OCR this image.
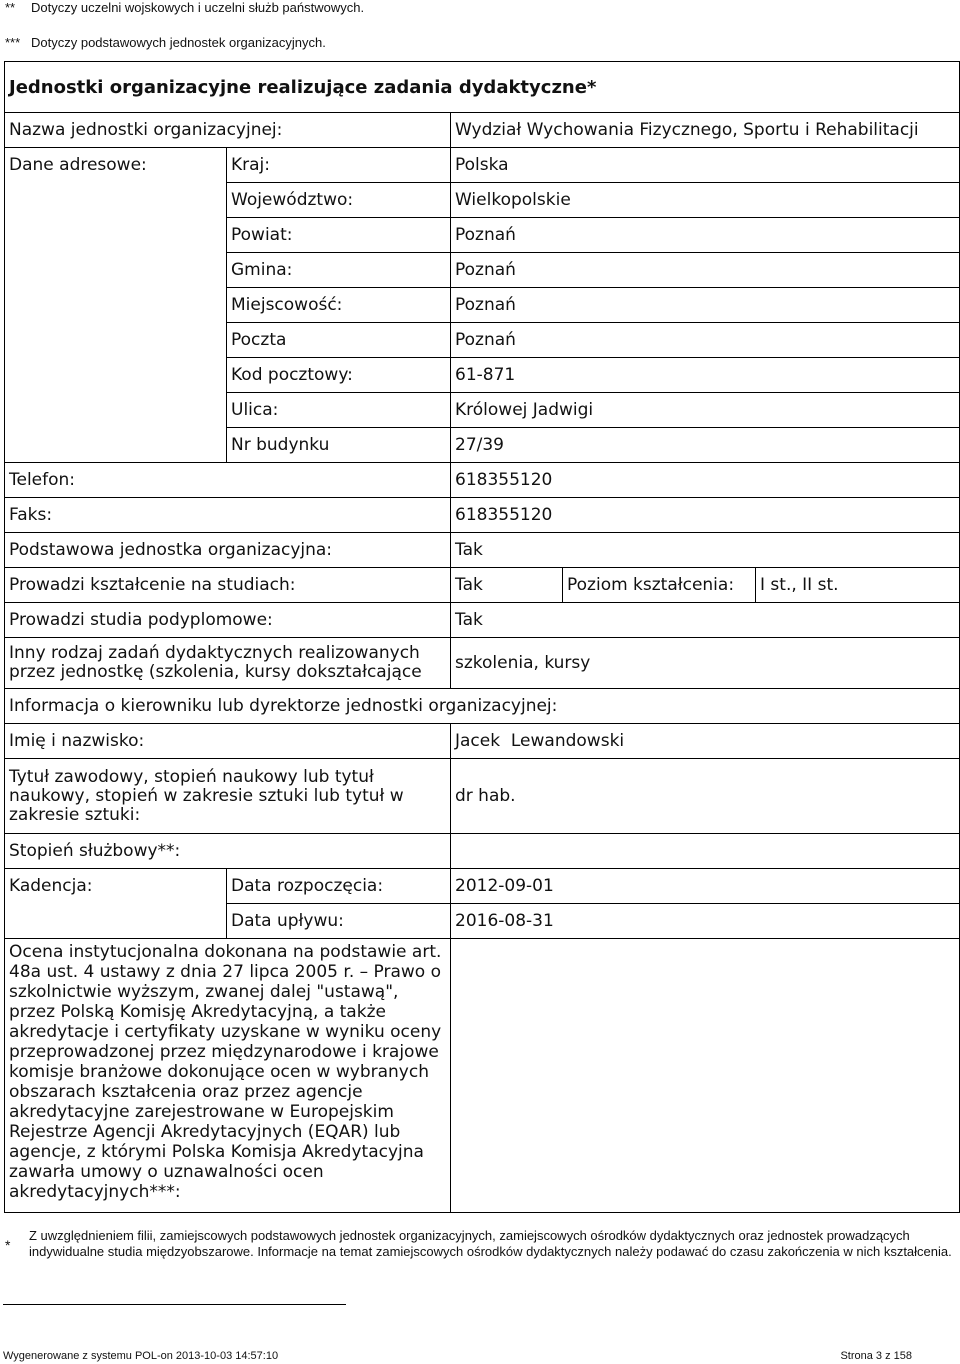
** Dotyczy uczelni wojskowych i uczelni służb państwowych.
*** Dotyczy podstawowych jednostek organizacyjnych.
Jednostki organizacyjne realizujące zadania dydaktyczne*				
Nazwa jednostki organizacyjnej:		Wydział Wychowania Fizycznego, Sportu i Rehabilitacji		
Dane adresowe:	Kraj:	Polska		
	Województwo:	Wielkopolskie		
	Powiat:	Poznań		
	Gmina:	Poznań		
	Miejscowość:	Poznań		
	Poczta	Poznań		
	Kod pocztowy:	61-871		
	Ulica:	Królowej Jadwigi		
	Nr budynku	27/39		
Telefon:		618355120		
Faks:		618355120		
Podstawowa jednostka organizacyjna:		Tak		
Prowadzi kształcenie na studiach:		Tak	Poziom kształcenia:	I st., II st.
Prowadzi studia podyplomowe:		Tak		
Inny rodzaj zadań dydaktycznych realizowanych przez jednostkę (szkolenia, kursy dokształcające		szkolenia, kursy		
Informacja o kierowniku lub dyrektorze jednostki organizacyjnej:				
Imię i nazwisko:		Jacek  Lewandowski		
Tytuł zawodowy, stopień naukowy lub tytuł naukowy, stopień w zakresie sztuki lub tytuł w zakresie sztuki:		dr hab.		
Stopień służbowy**:				
Kadencja:	Data rozpoczęcia:	2012-09-01		
	Data upływu:	2016-08-31		
Ocena instytucjonalna dokonana na podstawie art. 48a ust. 4 ustawy z dnia 27 lipca 2005 r. – Prawo o szkolnictwie wyższym, zwanej dalej "ustawą", przez Polską Komisję Akredytacyjną, a także akredytacje i certyfikaty uzyskane w wyniku oceny przeprowadzonej przez międzynarodowe i krajowe komisje branżowe dokonujące ocen w wybranych obszarach kształcenia oraz przez agencje akredytacyjne zarejestrowane w Europejskim Rejestrze Agencji Akredytacyjnych (EQAR) lub agencje, z którymi Polska Komisja Akredytacyjna zawarła umowy o uznawalności ocen akredytacyjnych***:				
*
Z uwzględnieniem filii, zamiejscowych podstawowych jednostek organizacyjnych, zamiejscowych ośrodków dydaktycznych oraz jednostek prowadzących indywidualne studia międzyobszarowe. Informacje na temat zamiejscowych ośrodków dydaktycznych należy podawać do czasu zakończenia w nich kształcenia.
Wygenerowane z systemu POL-on 2013-10-03 14:57:10	Strona 3 z 158
